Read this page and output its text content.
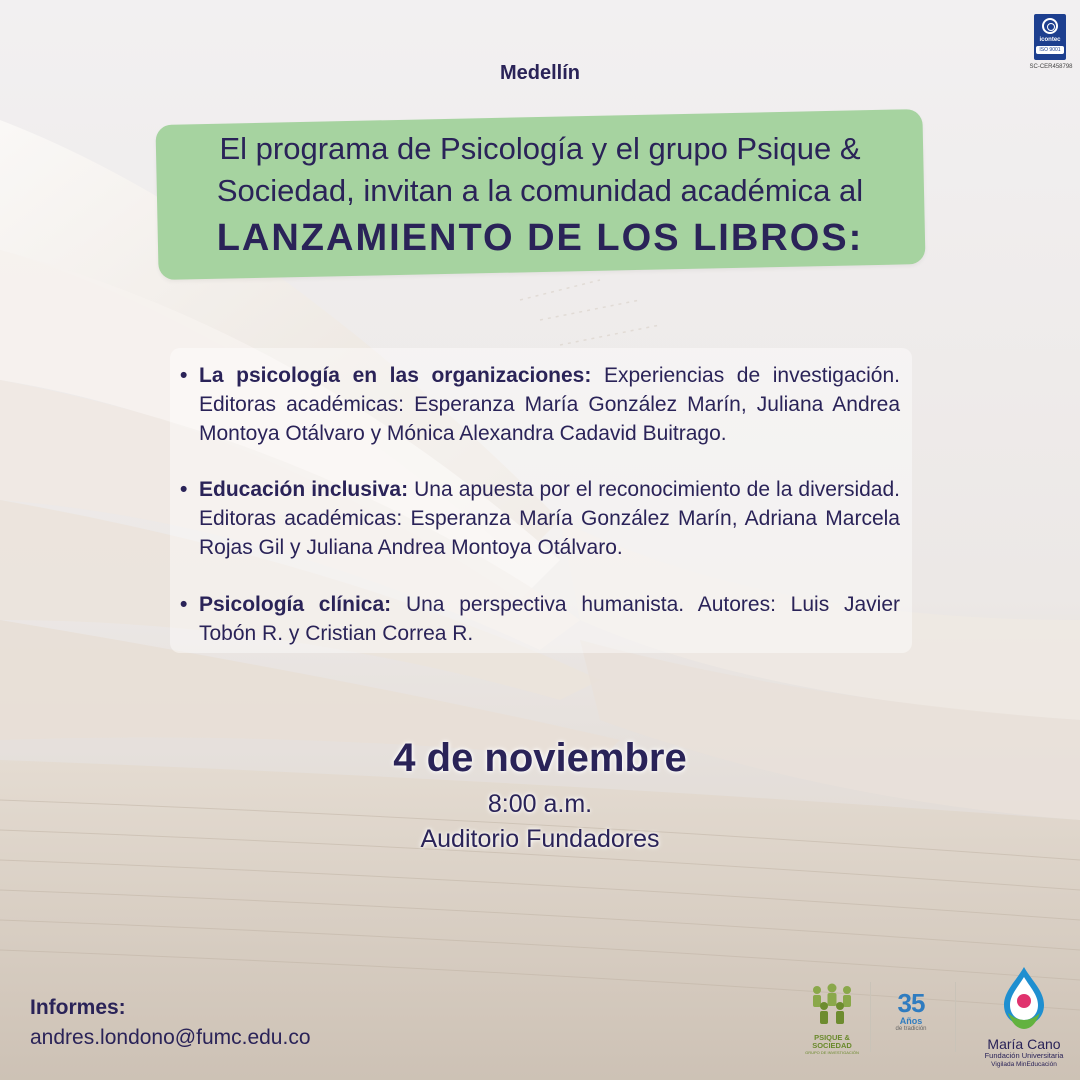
icontec
ISO 9001
SC-CER458798
Medellín
El programa de Psicología y el grupo Psique &
Sociedad, invitan a la comunidad académica al
LANZAMIENTO DE LOS LIBROS:
• La psicología en las organizaciones: Experiencias de investigación. Editoras académicas: Esperanza María González Marín, Juliana Andrea Montoya Otálvaro y Mónica Alexandra Cadavid Buitrago.
• Educación inclusiva: Una apuesta por el reconocimiento de la diversidad. Editoras académicas: Esperanza María González Marín, Adriana Marcela Rojas Gil y Juliana Andrea Montoya Otálvaro.
• Psicología clínica: Una perspectiva humanista. Autores: Luis Javier Tobón R. y Cristian Correa R.
4 de noviembre
8:00 a.m.
Auditorio Fundadores
Informes:
andres.londono@fumc.edu.co	PSIQUE &
SOCIEDAD
GRUPO DE INVESTIGACIÓN
35
Años
de tradición
María Cano
Fundación Universitaria
Vigilada MinEducación
